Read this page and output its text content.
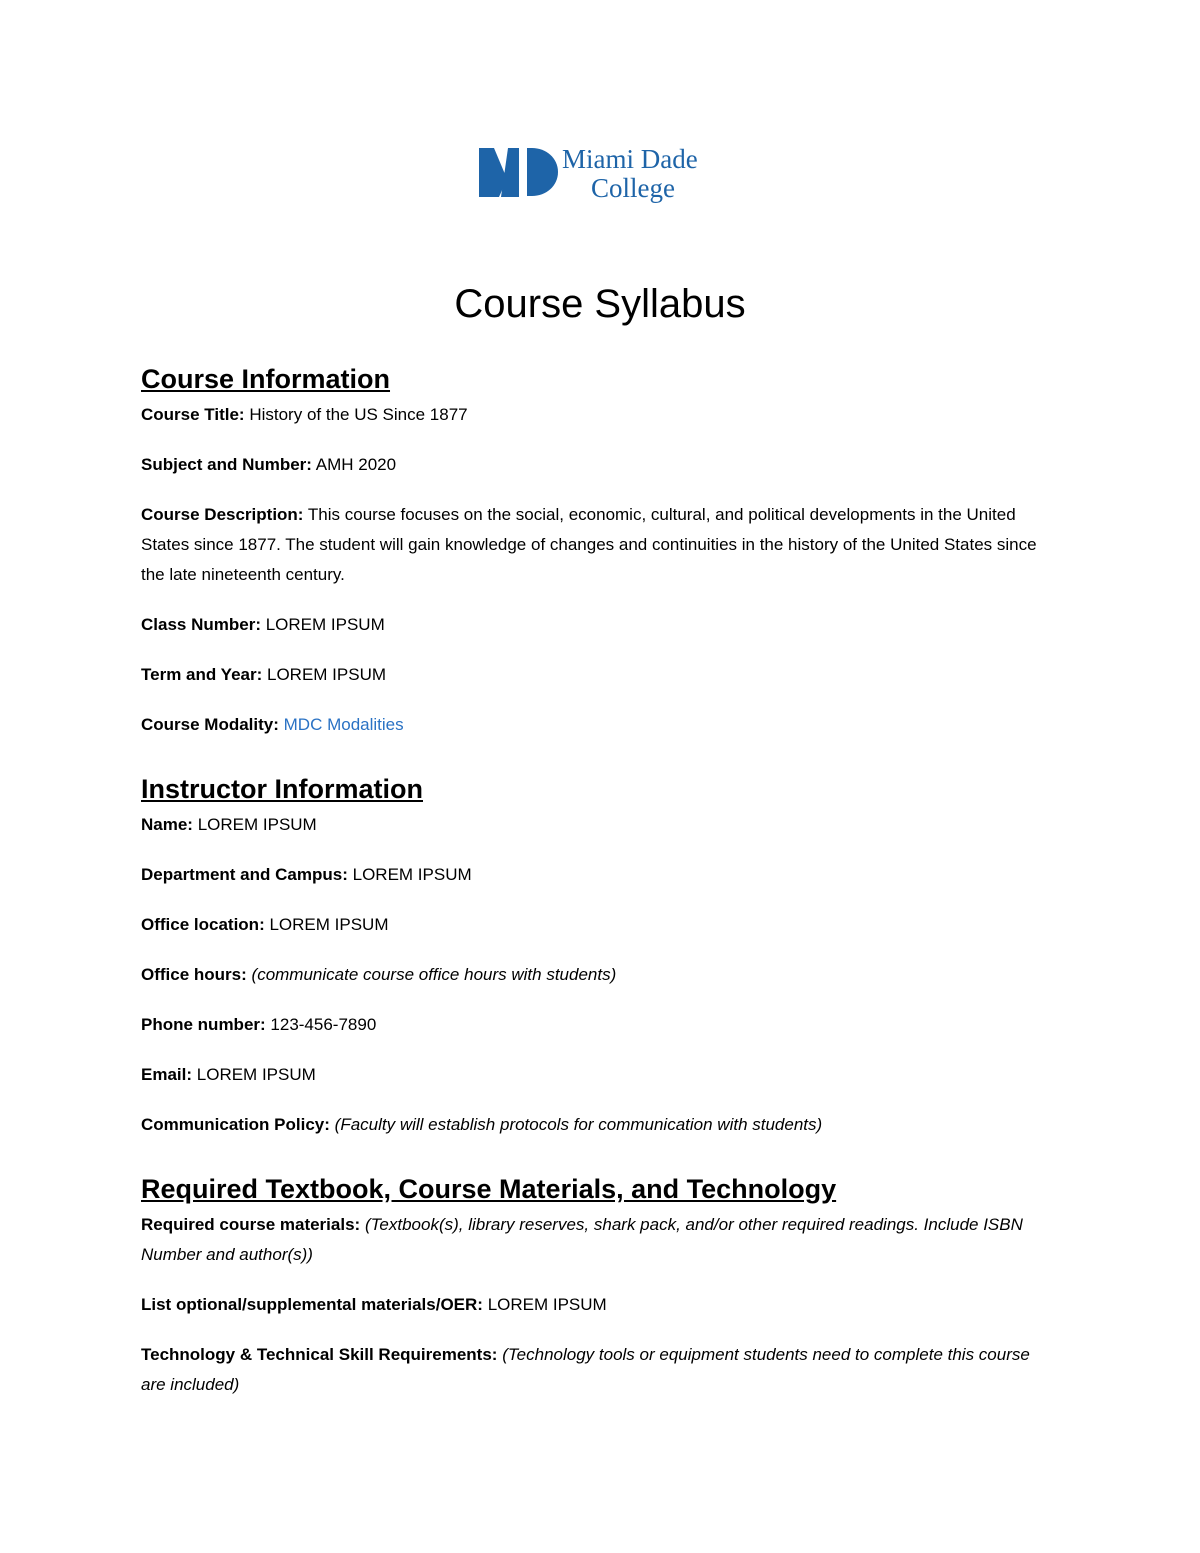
Miami Dade
College
Course Syllabus
Course Information

Course Title: History of the US Since 1877

Subject and Number: AMH 2020

Course Description: This course focuses on the social, economic, cultural, and political developments in the United States since 1877. The student will gain knowledge of changes and continuities in the history of the United States since the late nineteenth century.

Class Number: LOREM IPSUM

Term and Year: LOREM IPSUM

Course Modality: MDC Modalities

Instructor Information

Name: LOREM IPSUM

Department and Campus: LOREM IPSUM

Office location: LOREM IPSUM

Office hours: (communicate course office hours with students)

Phone number: 123-456-7890

Email: LOREM IPSUM

Communication Policy: (Faculty will establish protocols for communication with students)

Required Textbook, Course Materials, and Technology

Required course materials: (Textbook(s), library reserves, shark pack, and/or other required readings. Include ISBN Number and author(s))

List optional/supplemental materials/OER: LOREM IPSUM

Technology & Technical Skill Requirements: (Technology tools or equipment students need to complete this course are included)
